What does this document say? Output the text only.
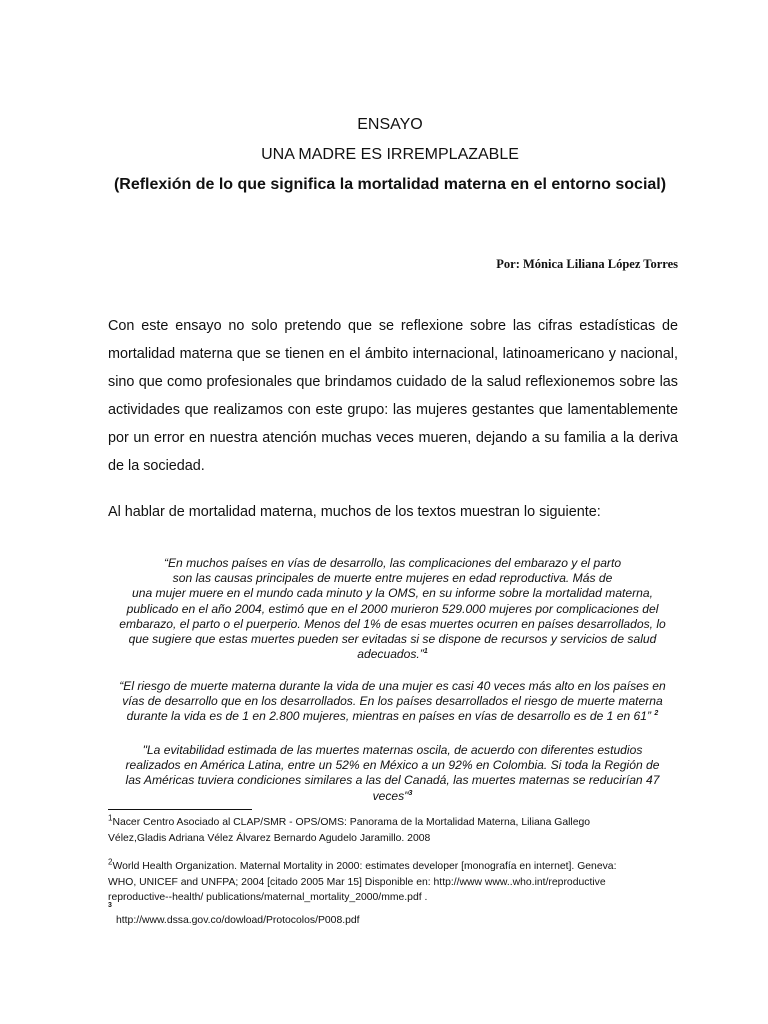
ENSAYO

UNA MADRE ES IRREMPLAZABLE

(Reflexión de lo que significa la mortalidad materna en el entorno social)

Por: Mónica Liliana López Torres

Con este ensayo no solo pretendo que se reflexione sobre las cifras estadísticas de mortalidad materna que se tienen en el ámbito internacional, latinoamericano y nacional, sino que como profesionales que brindamos cuidado de la salud reflexionemos sobre las actividades que realizamos con este grupo: las mujeres gestantes que lamentablemente por un error en nuestra atención muchas veces mueren, dejando a su familia a la deriva de la sociedad.

Al hablar de mortalidad materna, muchos de los textos muestran lo siguiente:

“En muchos países en vías de desarrollo, las complicaciones del embarazo y el parto
son las causas principales de muerte entre mujeres en edad reproductiva. Más de
una mujer muere en el mundo cada minuto y la OMS, en su informe sobre la mortalidad materna,
publicado en el año 2004, estimó que en el 2000 murieron 529.000 mujeres por complicaciones del
embarazo, el parto o el puerperio. Menos del 1% de esas muertes ocurren en países desarrollados, lo
que sugiere que estas muertes pueden ser evitadas si se dispone de recursos y servicios de salud
adecuados.”$^1$
“El riesgo de muerte materna durante la vida de una mujer es casi 40 veces más alto en los países en
vías de desarrollo que en los desarrollados. En los países desarrollados el riesgo de muerte materna
durante la vida es de 1 en 2.800 mujeres, mientras en países en vías de desarrollo es de 1 en 61” $^2$
"La evitabilidad estimada de las muertes maternas oscila, de acuerdo con diferentes estudios
realizados en América Latina, entre un 52% en México a un 92% en Colombia. Si toda la Región de
las Américas tuviera condiciones similares a las del Canadá, las muertes maternas se reducirían 47
veces"$^3$
$^1$Nacer Centro Asociado al CLAP/SMR - OPS/OMS: Panorama de la Mortalidad Materna, Liliana Gallego
Vélez,Gladis Adriana Vélez Álvarez Bernardo Agudelo Jaramillo. 2008
$^2$World Health Organization. Maternal Mortality in 2000: estimates developer [monografía en internet]. Geneva:
WHO, UNICEF and UNFPA; 2004 [citado 2005 Mar 15] Disponible en: http://www www..who.int/reproductive
reproductive--health/ publications/maternal_mortality_2000/mme.pdf .
3
http://www.dssa.gov.co/dowload/Protocolos/P008.pdf
